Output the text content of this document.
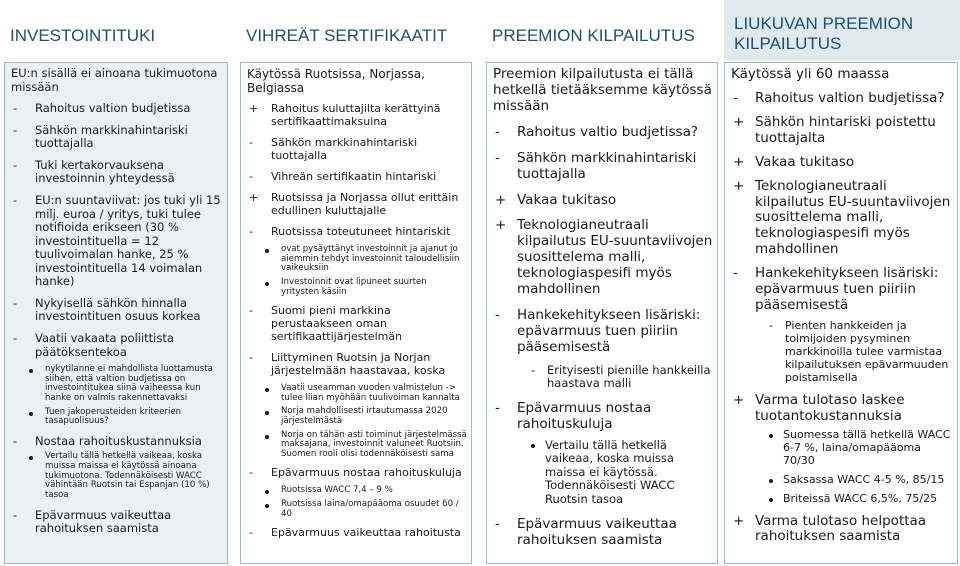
INVESTOINTITUKI

EU:n sisällä ei ainoana tukimuotona missään

- Rahoitus valtion budjetissa
- Sähkön markkinahintariski tuottajalla
- Tuki kertakorvauksena investoinnin yhteydessä
- EU:n suuntaviivat: jos tuki yli 15 milj. euroa / yritys, tuki tulee notifioida erikseen (30 % investointituella = 12 tuulivoimalan hanke, 25 % investointituella 14 voimalan hanke)
- Nykyisellä sähkön hinnalla investointituen osuus korkea
- Vaatii vakaata poliittista päätöksentekoa
nykytilanne ei mahdollista luottamusta siihen, että valtion budjetissa on investointitukea siinä vaiheessa kun hanke on valmis rakennettavaksi
Tuen jakoperusteiden kriteerien tasapuolisuus?
- Nostaa rahoituskustannuksia
Vertailu tällä hetkellä vaikeaa, koska muissa maissa ei käytössä ainoana tukimuotona. Todennäköisesti WACC vähintään Ruotsin tai Espanjan (10 %) tasoa
- Epävarmuus vaikeuttaa rahoituksen saamista
VIHREÄT SERTIFIKAATIT

Käytössä Ruotsissa, Norjassa, Belgiassa

+ Rahoitus kuluttajilta kerättyinä sertifikaattimaksuina
- Sähkön markkinahintariski tuottajalla
- Vihreän sertifikaatin hintariski
+ Ruotsissa ja Norjassa ollut erittäin edullinen kuluttajalle
- Ruotsissa toteutuneet hintariskit
ovat pysäyttänyt investoinnit ja ajanut jo aiemmin tehdyt investoinnit taloudellisiin vaikeuksiin
Investoinnit ovat lipuneet suurten yritysten käsiin
- Suomi pieni markkina perustaakseen oman sertifikaattijärjestelmän
- Liittyminen Ruotsin ja Norjan järjestelmään haastavaa, koska
Vaatii useamman vuoden valmistelun -> tulee liian myöhään tuulivoiman kannalta
Norja mahdollisesti irtautumassa 2020 järjestelmästä
Norja on tähän asti toiminut järjestelmässä maksajana, investoinnit valuneet Ruotsiin. Suomen rooli olisi todennäköisesti sama
- Epävarmuus nostaa rahoituskuluja
Ruotsissa WACC 7,4 – 9 %
Ruotsissa laina/omapääoma osuudet 60 / 40
- Epävarmuus vaikeuttaa rahoitusta
PREEMION KILPAILUTUS

Preemion kilpailutusta ei tällä hetkellä tietääksemme käytössä missään

- Rahoitus valtio budjetissa?
- Sähkön markkinahintariski tuottajalla
+ Vakaa tukitaso
+ Teknologianeutraali kilpailutus EU-suuntaviivojen suosittelema malli, teknologiaspesifi myös mahdollinen
- Hankekehitykseen lisäriski: epävarmuus tuen piiriin pääsemisestä
- Erityisesti pienille hankkeilla haastava malli
- Epävarmuus nostaa rahoituskuluja
Vertailu tällä hetkellä vaikeaa, koska muissa maissa ei käytössä. Todennäköisesti WACC Ruotsin tasoa
- Epävarmuus vaikeuttaa rahoituksen saamista
LIUKUVAN PREEMION KILPAILUTUS

Käytössä yli 60 maassa

- Rahoitus valtion budjetissa?
+ Sähkön hintariski poistettu tuottajalta
+ Vakaa tukitaso
+ Teknologianeutraali kilpailutus EU-suuntaviivojen suosittelema malli, teknologiaspesifi myös mahdollinen
- Hankekehitykseen lisäriski: epävarmuus tuen piiriin pääsemisestä
- Pienten hankkeiden ja toimijoiden pysyminen markkinoilla tulee varmistaa kilpailutuksen epävarmuuden poistamisella
+ Varma tulotaso laskee tuotantokustannuksia
Suomessa tällä hetkellä WACC 6-7 %, laina/omapääoma 70/30
Saksassa WACC 4-5 %, 85/15
Briteissä WACC 6,5%, 75/25
+ Varma tulotaso helpottaa rahoituksen saamista
